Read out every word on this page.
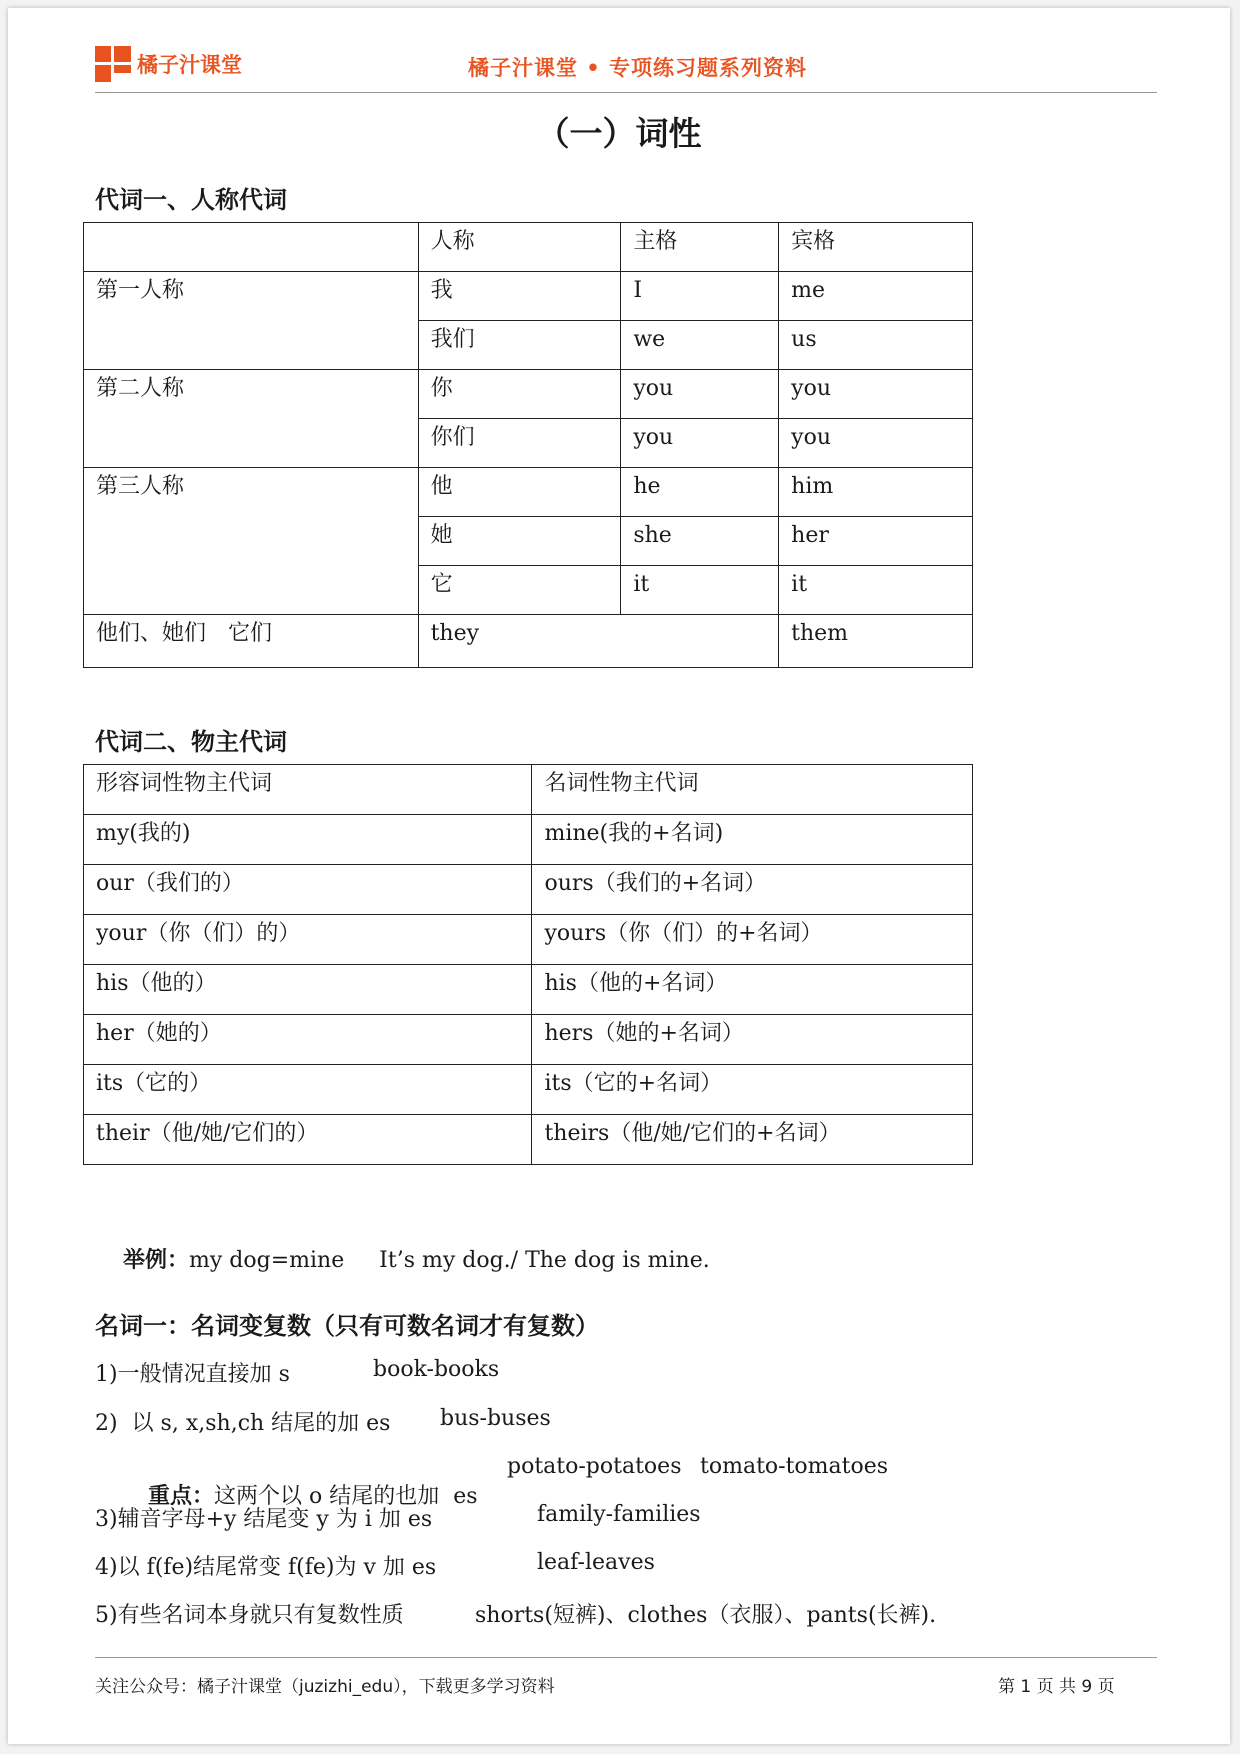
橘子汁课堂	橘子汁课堂 • 专项练习题系列资料
（一）词性
代词一、人称代词
	人称	主格	宾格
第一人称	我	I	me
	我们	we	us
第二人称	你	you	you
	你们	you	you
第三人称	他	he	him
	她	she	her
	它	it	it
他们、她们　它们	they		them
代词二、物主代词
形容词性物主代词	名词性物主代词
my(我的)	mine(我的+名词)
our（我们的）	ours（我们的+名词）
your（你（们）的）	yours（你（们）的+名词）
his（他的）	his（他的+名词）
her（她的）	hers（她的+名词）
its（它的）	its（它的+名词）
their（他/她/它们的）	theirs（他/她/它们的+名词）

举例：my dog=mine     It’s my dog./ The dog is mine.

名词一：名词变复数（只有可数名词才有复数）
1)一般情况直接加 s	book-books
2)  以 s, x,sh,ch 结尾的加 es bus-buses

重点：这两个以 o 结尾的也加  es

potato-potatoes tomato-tomatoes
3)辅音字母+y 结尾变 y 为 i 加 es	family-families
4)以 f(fe)结尾常变 f(fe)为 v 加 es	leaf-leaves
5)有些名词本身就只有复数性质	shorts(短裤)、clothes（衣服）、pants(长裤).
关注公众号：橘子汁课堂（juzizhi_edu），下载更多学习资料	第 1 页 共 9 页
